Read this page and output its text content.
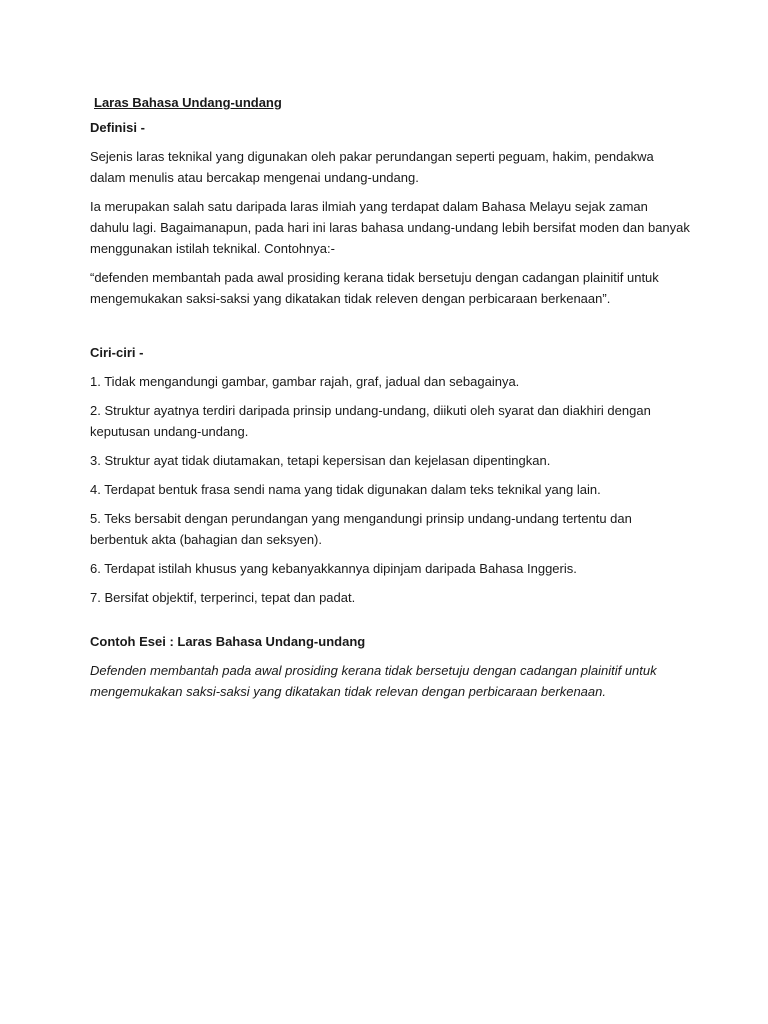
Laras Bahasa Undang-undang

Definisi -

Sejenis laras teknikal yang digunakan oleh pakar perundangan seperti peguam, hakim, pendakwa dalam menulis atau bercakap mengenai undang-undang.

Ia merupakan salah satu daripada laras ilmiah yang terdapat dalam Bahasa Melayu sejak zaman dahulu lagi. Bagaimanapun, pada hari ini laras bahasa undang-undang lebih bersifat moden dan banyak menggunakan istilah teknikal. Contohnya:-

“defenden membantah pada awal prosiding kerana tidak bersetuju dengan cadangan plainitif untuk mengemukakan saksi-saksi yang dikatakan tidak releven dengan perbicaraan berkenaan”.

Ciri-ciri -

1. Tidak mengandungi gambar, gambar rajah, graf, jadual dan sebagainya.

2. Struktur ayatnya terdiri daripada prinsip undang-undang, diikuti oleh syarat dan diakhiri dengan keputusan undang-undang.

3. Struktur ayat tidak diutamakan, tetapi kepersisan dan kejelasan dipentingkan.

4. Terdapat bentuk frasa sendi nama yang tidak digunakan dalam teks teknikal yang lain.

5. Teks bersabit dengan perundangan yang mengandungi prinsip undang-undang tertentu dan berbentuk akta (bahagian dan seksyen).

6. Terdapat istilah khusus yang kebanyakkannya dipinjam daripada Bahasa Inggeris.

7. Bersifat objektif, terperinci, tepat dan padat.

Contoh Esei : Laras Bahasa Undang-undang

Defenden membantah pada awal prosiding kerana tidak bersetuju dengan cadangan plainitif untuk mengemukakan saksi-saksi yang dikatakan tidak relevan dengan perbicaraan berkenaan.
